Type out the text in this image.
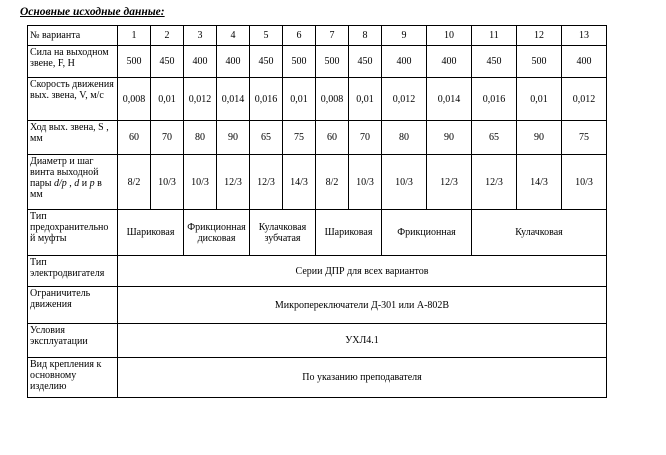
Основные исходные данные:
№ варианта	1	2	3	4	5	6	7	8	9	10	11	12	13
Сила на выходном звене, F, Н	500	450	400	400	450	500	500	450	400	400	450	500	400
Скорость движения вых. звена, V, м/с	0,008	0,01	0,012	0,014	0,016	0,01	0,008	0,01	0,012	0,014	0,016	0,01	0,012
Ход вых. звена, S , мм	60	70	80	90	65	75	60	70	80	90	65	90	75
Диаметр и шаг винта выходной пары d/p , d и p в мм	8/2	10/3	10/3	12/3	12/3	14/3	8/2	10/3	10/3	12/3	12/3	14/3	10/3
Тип предохранительно й муфты	Шариковая		Фрикционная дисковая		Кулачковая зубчатая		Шариковая		Фрикционная		Кулачковая		
Тип электродвигателя	Серии ДПР для всех вариантов												
Ограничитель движения	Микропереключатели Д-301 или А-802В												
Условия эксплуатации	УХЛ4.1												
Вид крепления к основному изделию	По указанию преподавателя												
